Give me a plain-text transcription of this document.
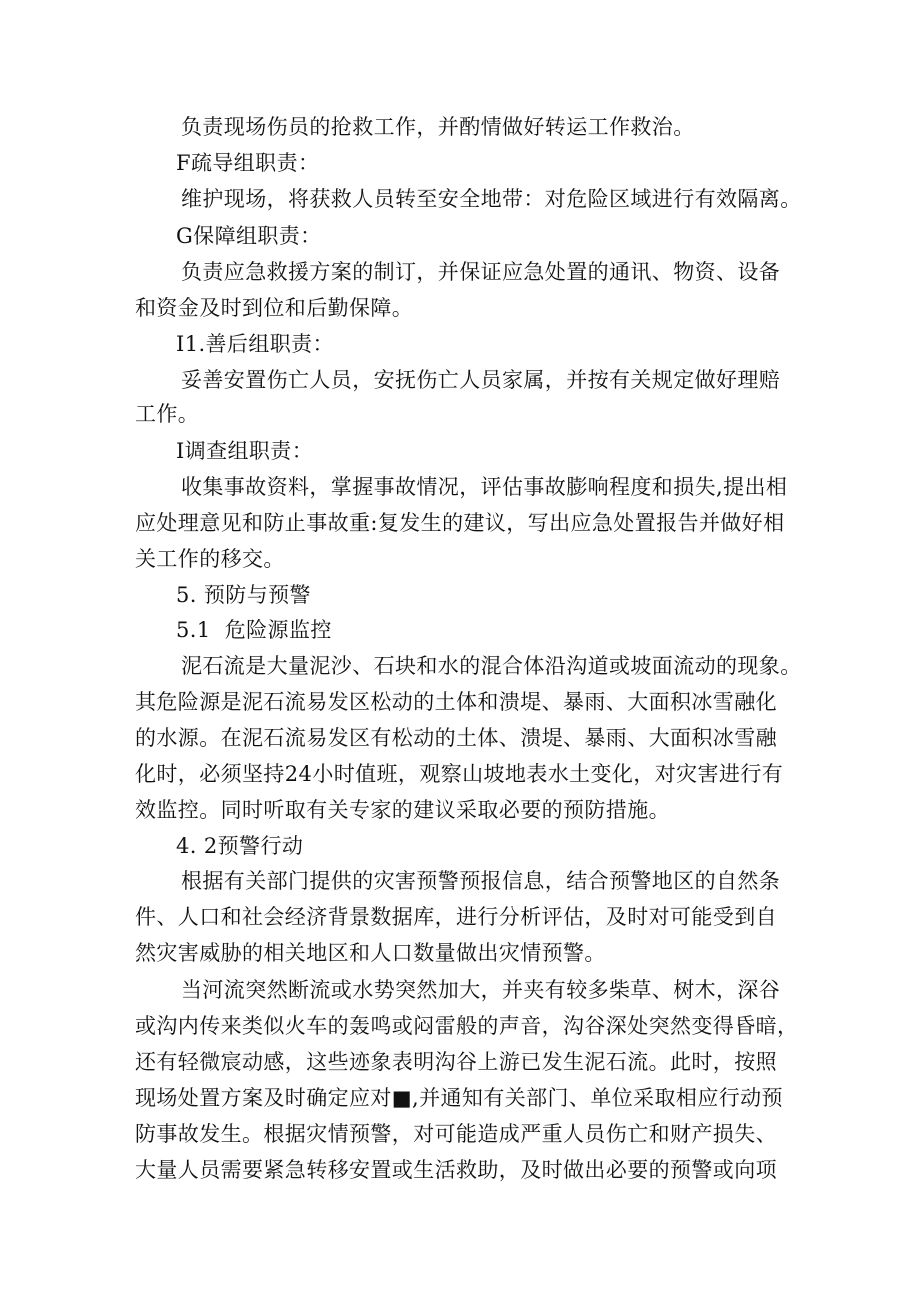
负责现场伤员的抢救工作，并酌情做好转运工作救治。
F疏导组职责：
维护现场，将获救人员转至安全地带：对危险区域进行有效隔离。
G保障组职责：
负责应急救援方案的制订，并保证应急处置的通讯、物资、设备
和资金及时到位和后勤保障。
I1.善后组职责：
妥善安置伤亡人员，安抚伤亡人员家属，并按有关规定做好理赔
工作。
I调查组职责：
收集事故资料，掌握事故情况，评估事故膨响程度和损失,提出相
应处理意见和防止事故重:复发生的建议，写出应急处置报告并做好相
关工作的移交。
5. 预防与预警
5.1  危险源监控
泥石流是大量泥沙、石块和水的混合体沿沟道或坡面流动的现象。
其危险源是泥石流易发区松动的土体和溃堤、暴雨、大面积冰雪融化
的水源。在泥石流易发区有松动的土体、溃堤、暴雨、大面积冰雪融
化时，必须坚持24小时值班，观察山坡地表水土变化，对灾害进行有
效监控。同时听取有关专家的建议采取必要的预防措施。
4. 2预警行动
根据有关部门提供的灾害预警预报信息，结合预警地区的自然条
件、人口和社会经济背景数据库，进行分析评估，及时对可能受到自
然灾害威胁的相关地区和人口数量做出灾情预警。
当河流突然断流或水势突然加大，并夹有较多柴草、树木，深谷
或沟内传来类似火车的轰鸣或闷雷般的声音，沟谷深处突然变得昏暗，
还有轻微宸动感，这些迹象表明沟谷上游已发生泥石流。此时，按照
现场处置方案及时确定应对■,并通知有关部门、单位采取相应行动预
防事故发生。根据灾情预警，对可能造成严重人员伤亡和财产损失、
大量人员需要紧急转移安置或生活救助，及时做出必要的预警或向项
